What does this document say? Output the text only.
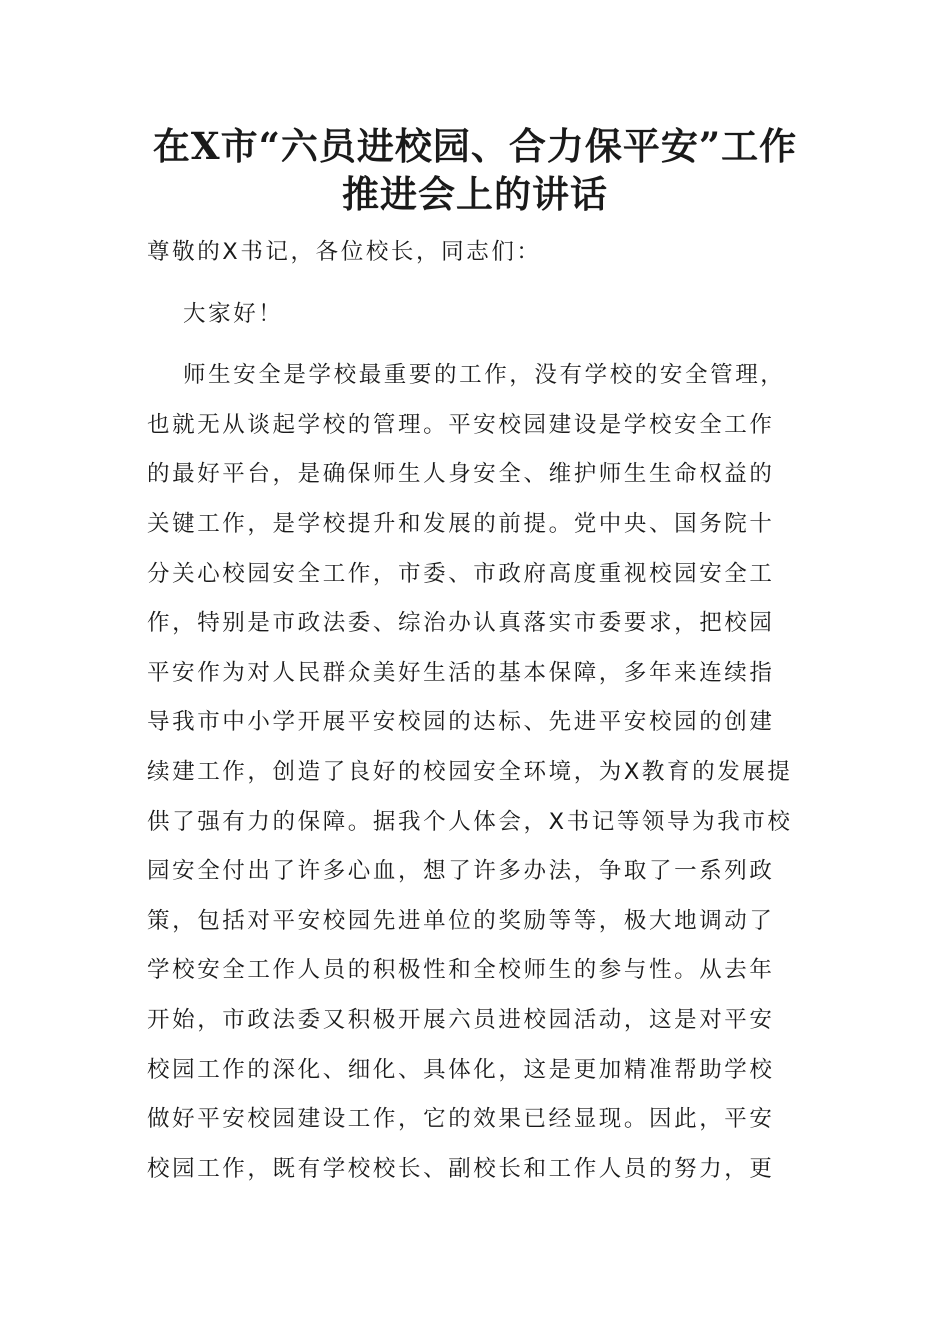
在X市“六员进校园、合力保平安”工作
推进会上的讲话
尊敬的X书记，各位校长，同志们：
大家好！
师生安全是学校最重要的工作，没有学校的安全管理，
也就无从谈起学校的管理。平安校园建设是学校安全工作
的最好平台，是确保师生人身安全、维护师生生命权益的
关键工作，是学校提升和发展的前提。党中央、国务院十
分关心校园安全工作，市委、市政府高度重视校园安全工
作，特别是市政法委、综治办认真落实市委要求，把校园
平安作为对人民群众美好生活的基本保障，多年来连续指
导我市中小学开展平安校园的达标、先进平安校园的创建
续建工作，创造了良好的校园安全环境，为X教育的发展提
供了强有力的保障。据我个人体会，X书记等领导为我市校
园安全付出了许多心血，想了许多办法，争取了一系列政
策，包括对平安校园先进单位的奖励等等，极大地调动了
学校安全工作人员的积极性和全校师生的参与性。从去年
开始，市政法委又积极开展六员进校园活动，这是对平安
校园工作的深化、细化、具体化，这是更加精准帮助学校
做好平安校园建设工作，它的效果已经显现。因此，平安
校园工作，既有学校校长、副校长和工作人员的努力，更
